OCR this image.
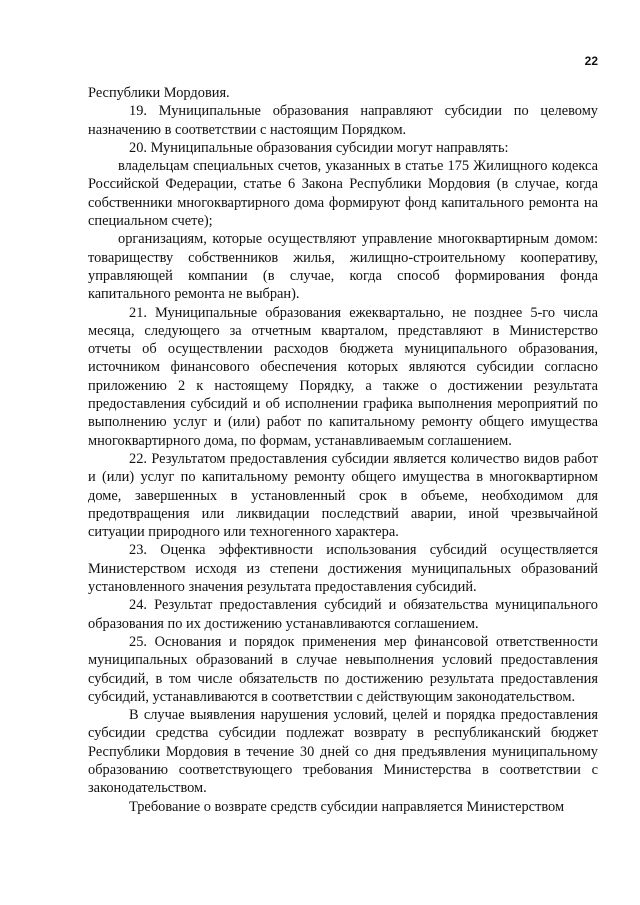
22

Республики Мордовия.

19. Муниципальные образования направляют субсидии по целевому назначению в соответствии с настоящим Порядком.

20. Муниципальные образования субсидии могут направлять:

владельцам специальных счетов, указанных в статье 175 Жилищного кодекса Российской Федерации, статье 6 Закона Республики Мордовия (в случае, когда собственники многоквартирного дома формируют фонд капитального ремонта на специальном счете);

организациям, которые осуществляют управление многоквартирным домом: товариществу собственников жилья, жилищно-строительному кооперативу, управляющей компании (в случае, когда способ формирования фонда капитального ремонта не выбран).

21. Муниципальные образования ежеквартально, не позднее 5-го числа месяца, следующего за отчетным кварталом, представляют в Министерство отчеты об осуществлении расходов бюджета муниципального образования, источником финансового обеспечения которых являются субсидии согласно приложению 2 к настоящему Порядку, а также о достижении результата предоставления субсидий и об исполнении графика выполнения мероприятий по выполнению услуг и (или) работ по капитальному ремонту общего имущества многоквартирного дома, по формам, устанавливаемым соглашением.

22. Результатом предоставления субсидии является количество видов работ и (или) услуг по капитальному ремонту общего имущества в многоквартирном доме, завершенных в установленный срок в объеме, необходимом для предотвращения или ликвидации последствий аварии, иной чрезвычайной ситуации природного или техногенного характера.

23. Оценка эффективности использования субсидий осуществляется Министерством исходя из степени достижения муниципальных образований установленного значения результата предоставления субсидий.

24. Результат предоставления субсидий и обязательства муниципального образования по их достижению устанавливаются соглашением.

25. Основания и порядок применения мер финансовой ответственности муниципальных образований в случае невыполнения условий предоставления субсидий, в том числе обязательств по достижению результата предоставления субсидий, устанавливаются в соответствии с действующим законодательством.

В случае выявления нарушения условий, целей и порядка предоставления субсидии средства субсидии подлежат возврату в республиканский бюджет Республики Мордовия в течение 30 дней со дня предъявления муниципальному образованию соответствующего требования Министерства в соответствии с законодательством.

Требование о возврате средств субсидии направляется Министерством
